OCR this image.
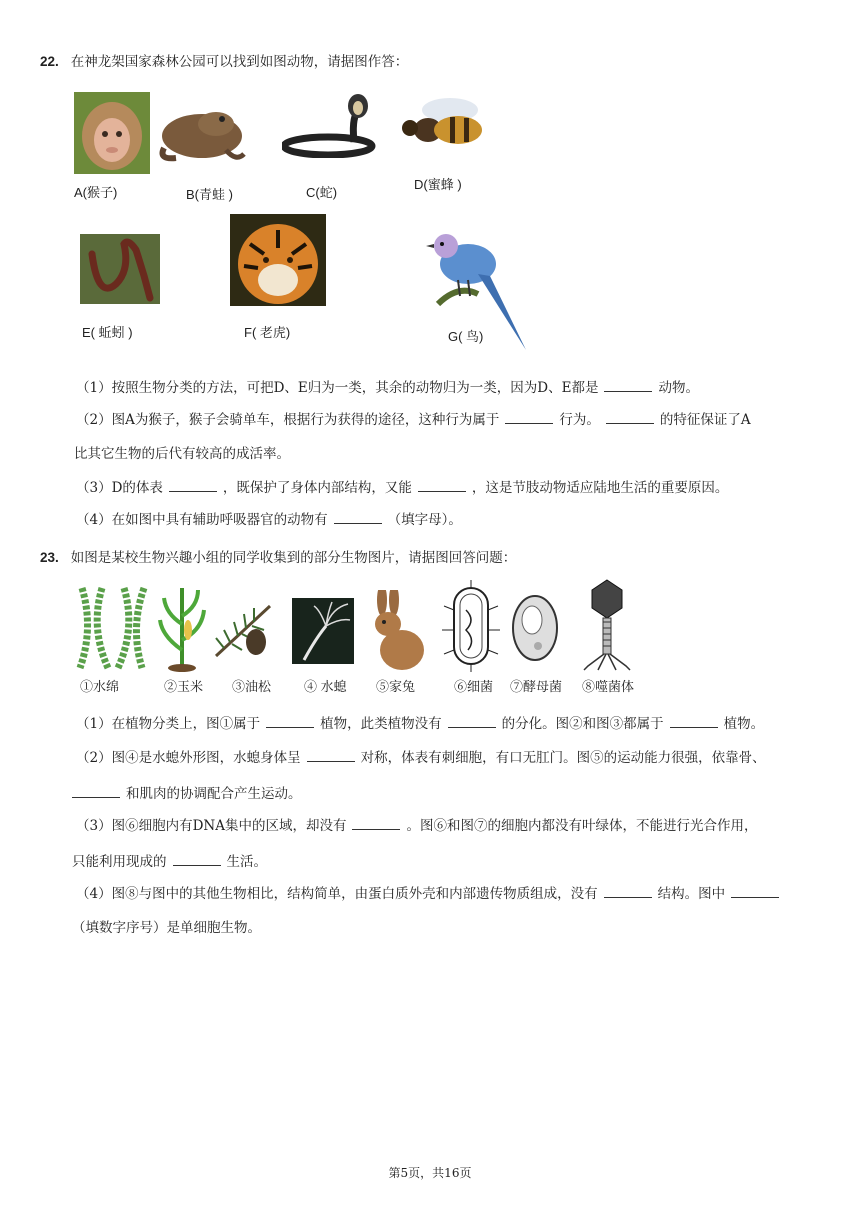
22. 在神龙架国家森林公园可以找到如图动物，请据图作答：
A(猴子)	B(青蛙 )	C(蛇)
D(蜜蜂 )
E( 蚯蚓 )	F( 老虎)	G( 鸟)
（1）按照生物分类的方法，可把D、E归为一类，其余的动物归为一类，因为D、E都是	动物。
（2）图A为猴子，猴子会骑单车，根据行为获得的途径，这种行为属于	行为。	的特征保证了A
比其它生物的后代有较高的成活率。
（3）D的体表	，既保护了身体内部结构，又能	，这是节肢动物适应陆地生活的重要原因。
（4）在如图中具有辅助呼吸器官的动物有	（填字母）。
23. 如图是某校生物兴趣小组的同学收集到的部分生物图片，请据图回答问题：
①水绵	②玉米 ③油松	④ 水螅 ⑤家兔	⑥细菌 ⑦酵母菌 ⑧噬菌体
（1）在植物分类上，图①属于	植物，此类植物没有	的分化。图②和图③都属于	植物。
（2）图④是水螅外形图，水螅身体呈	对称，体表有刺细胞，有口无肛门。图⑤的运动能力很强，依靠骨、
和肌肉的协调配合产生运动。
（3）图⑥细胞内有DNA集中的区域，却没有	。图⑥和图⑦的细胞内都没有叶绿体，不能进行光合作用，
只能利用现成的	生活。
（4）图⑧与图中的其他生物相比，结构简单，由蛋白质外壳和内部遗传物质组成，没有	结构。图中
（填数字序号）是单细胞生物。
第5页，共16页
